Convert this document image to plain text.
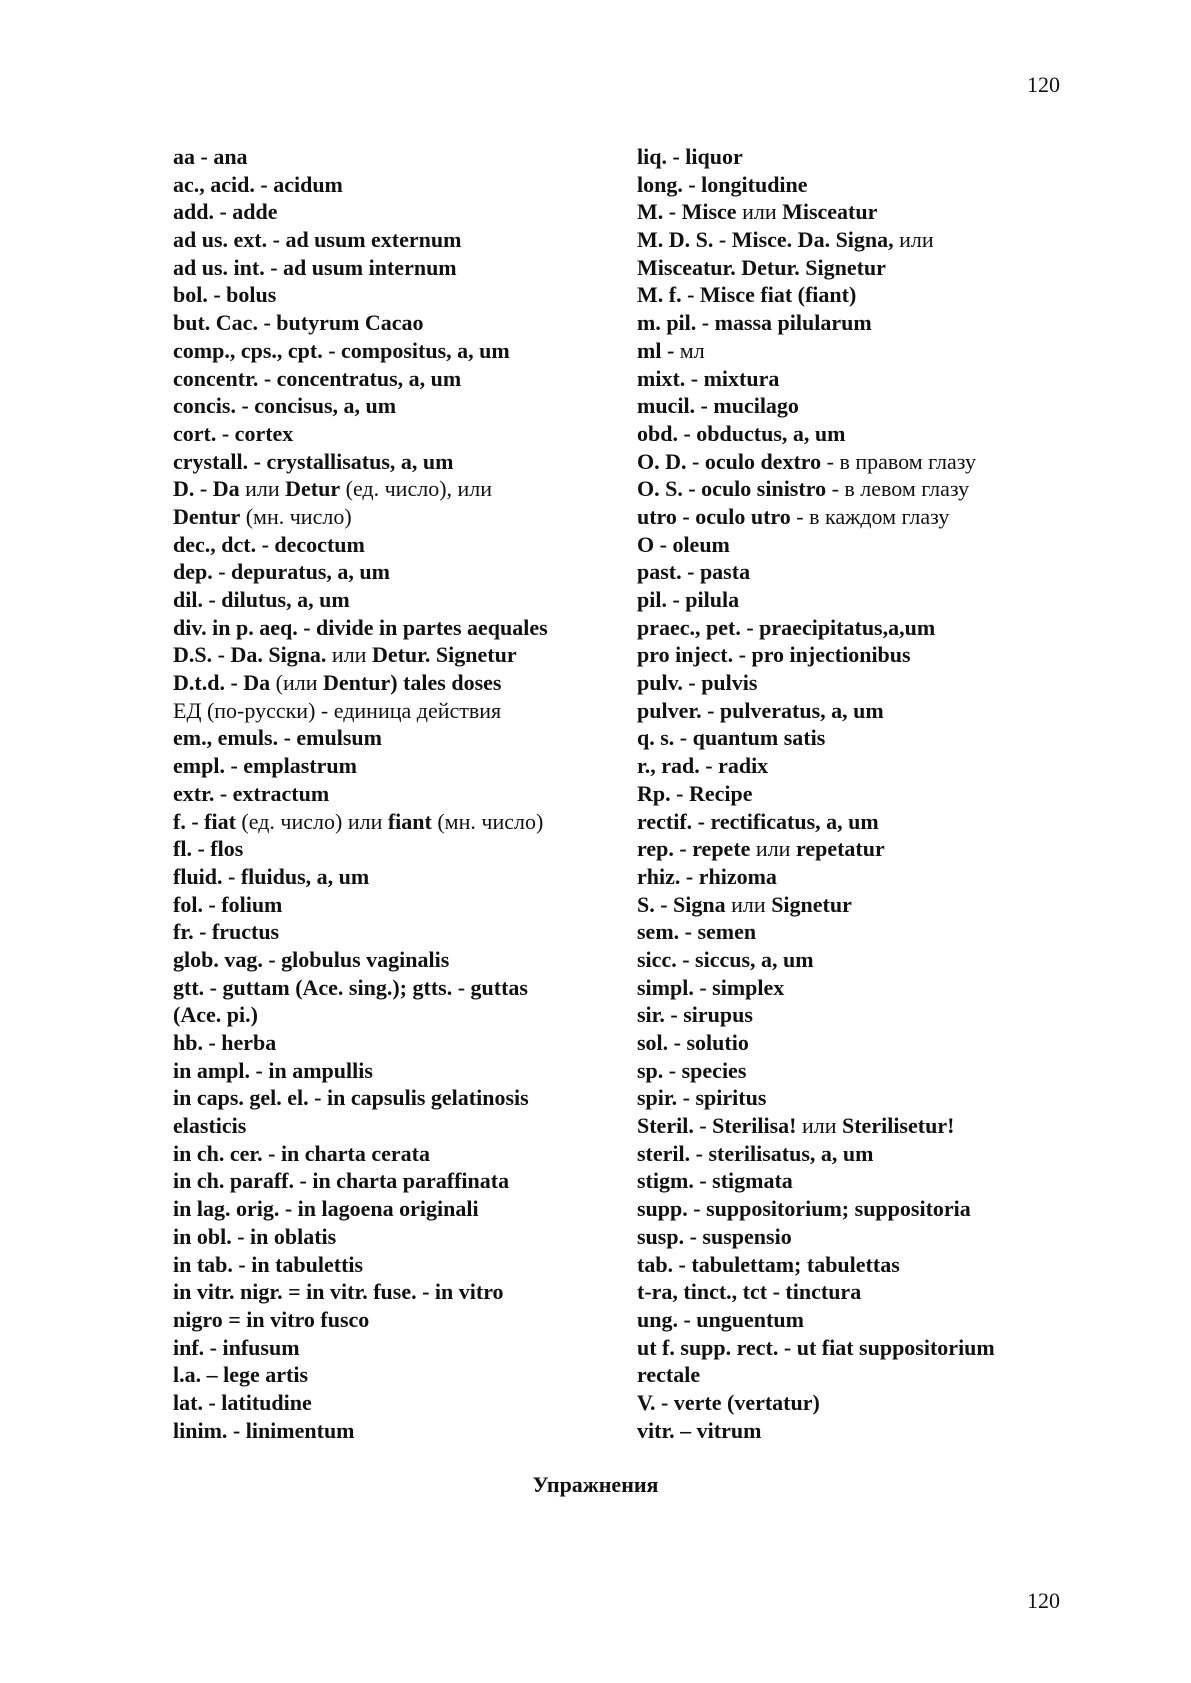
120
aa - ana
ac., acid. - acidum
add. - adde
ad us. ext. - ad usum externum
ad us. int. - ad usum internum
bol. - bolus
but. Cac. - butyrum Cacao
comp., cps., cpt. - compositus, a, um
concentr. - concentratus, a, um
concis. - concisus, a, um
cort. - cortex
crystall. - crystallisatus, a, um
D. - Da или Detur (ед. число), или
Dentur (мн. число)
dec., dct. - decoctum
dep. - depuratus, a, um
dil. - dilutus, a, um
div. in p. aeq. - divide in partes aequales
D.S. - Da. Signa. или Detur. Signetur
D.t.d. - Da (или Dentur) tales doses
ЕД (по-русски) - единица действия
em., emuls. - emulsum
empl. - emplastrum
extr. - extractum
f. - fiat (ед. число) или fiant (мн. число)
fl. - flos
fluid. - fluidus, a, um
fol. - folium
fr. - fructus
glob. vag. - globulus vaginalis
gtt. - guttam (Ace. sing.); gtts. - guttas
(Ace. pi.)
hb. - herba
in ampl. - in ampullis
in caps. gel. el. - in capsulis gelatinosis
elasticis
in ch. cer. - in charta cerata
in ch. paraff. - in charta paraffinata
in lag. orig. - in lagoena originali
in obl. - in oblatis
in tab. - in tabulettis
in vitr. nigr. = in vitr. fuse. - in vitro
nigro = in vitro fusco
inf. - infusum
l.a. – lege artis
lat. - latitudine
linim. - linimentum
liq. - liquor
long. - longitudine
M. - Misce или Misceatur
M. D. S. - Misce. Da. Signa, или
Misceatur. Detur. Signetur
M. f. - Misce fiat (fiant)
m. pil. - massa pilularum
ml - мл
mixt. - mixtura
mucil. - mucilago
obd. - obductus, a, um
O. D. - oculo dextro - в правом глазу
O. S. - oculo sinistro - в левом глазу
utro - oculo utro - в каждом глазу
O - oleum
past. - pasta
pil. - pilula
praec., pet. - praecipitatus,a,um
pro inject. - pro injectionibus
pulv. - pulvis
pulver. - pulveratus, a, um
q. s. - quantum satis
r., rad. - radix
Rp. - Recipe
rectif. - rectificatus, a, um
rep. - repete или repetatur
rhiz. - rhizoma
S. - Signa или Signetur
sem. - semen
sicc. - siccus, a, um
simpl. - simplex
sir. - sirupus
sol. - solutio
sp. - species
spir. - spiritus
Steril. - Sterilisa! или Sterilisetur!
steril. - sterilisatus, a, um
stigm. - stigmata
supp. - suppositorium; suppositoria
susp. - suspensio
tab. - tabulettam; tabulettas
t-ra, tinct., tct - tinctura
ung. - unguentum
ut f. supp. rect. - ut fiat suppositorium
rectale
V. - verte (vertatur)
vitr. – vitrum
Упражнения
120
